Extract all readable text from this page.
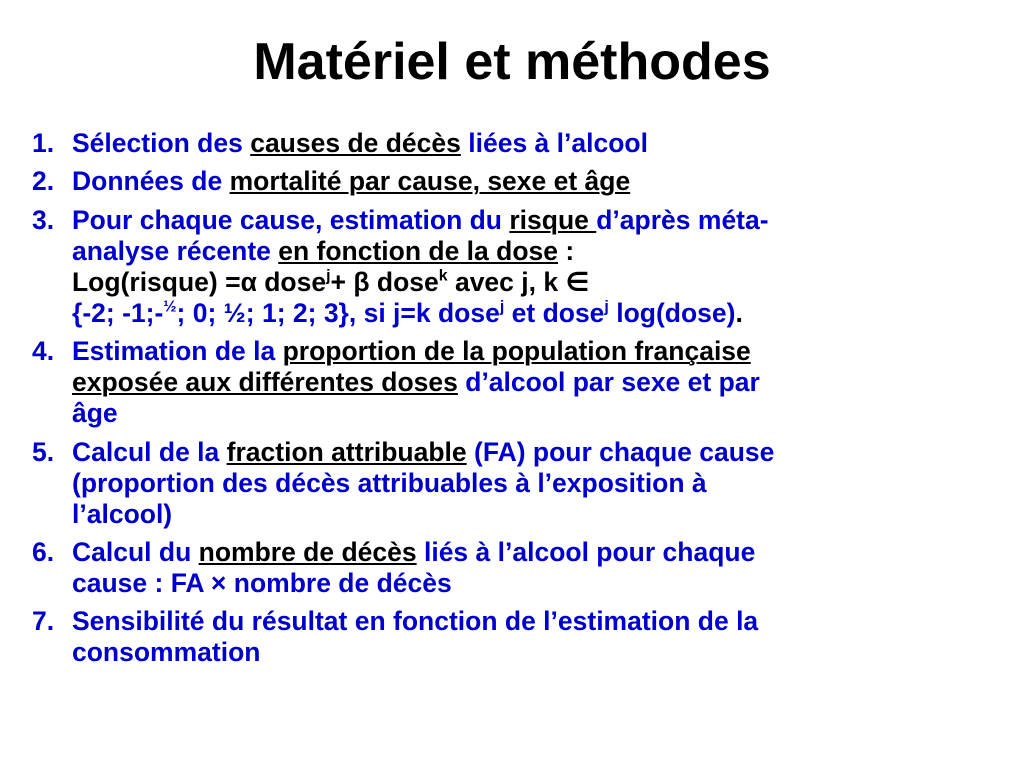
Matériel et méthodes
1. Sélection des causes de décès liées à l’alcool
2. Données de mortalité par cause, sexe et âge
3. Pour chaque cause, estimation du risque d’après méta-
analyse récente en fonction de la dose :
Log(risque) =α dose$^j$+ β dose$^k$ avec j, k ∈
{-2; -1;-$^{\frac{1}{2}}$; 0; ½; 1; 2; 3}, si j=k dose$^j$ et dose$^j$ log(dose).
4. Estimation de la proportion de la population française
exposée aux différentes doses d’alcool par sexe et par
âge
5. Calcul de la fraction attribuable (FA) pour chaque cause
(proportion des décès attribuables à l’exposition à
l’alcool)
6. Calcul du nombre de décès liés à l’alcool pour chaque
cause : FA × nombre de décès
7. Sensibilité du résultat en fonction de l’estimation de la
consommation
